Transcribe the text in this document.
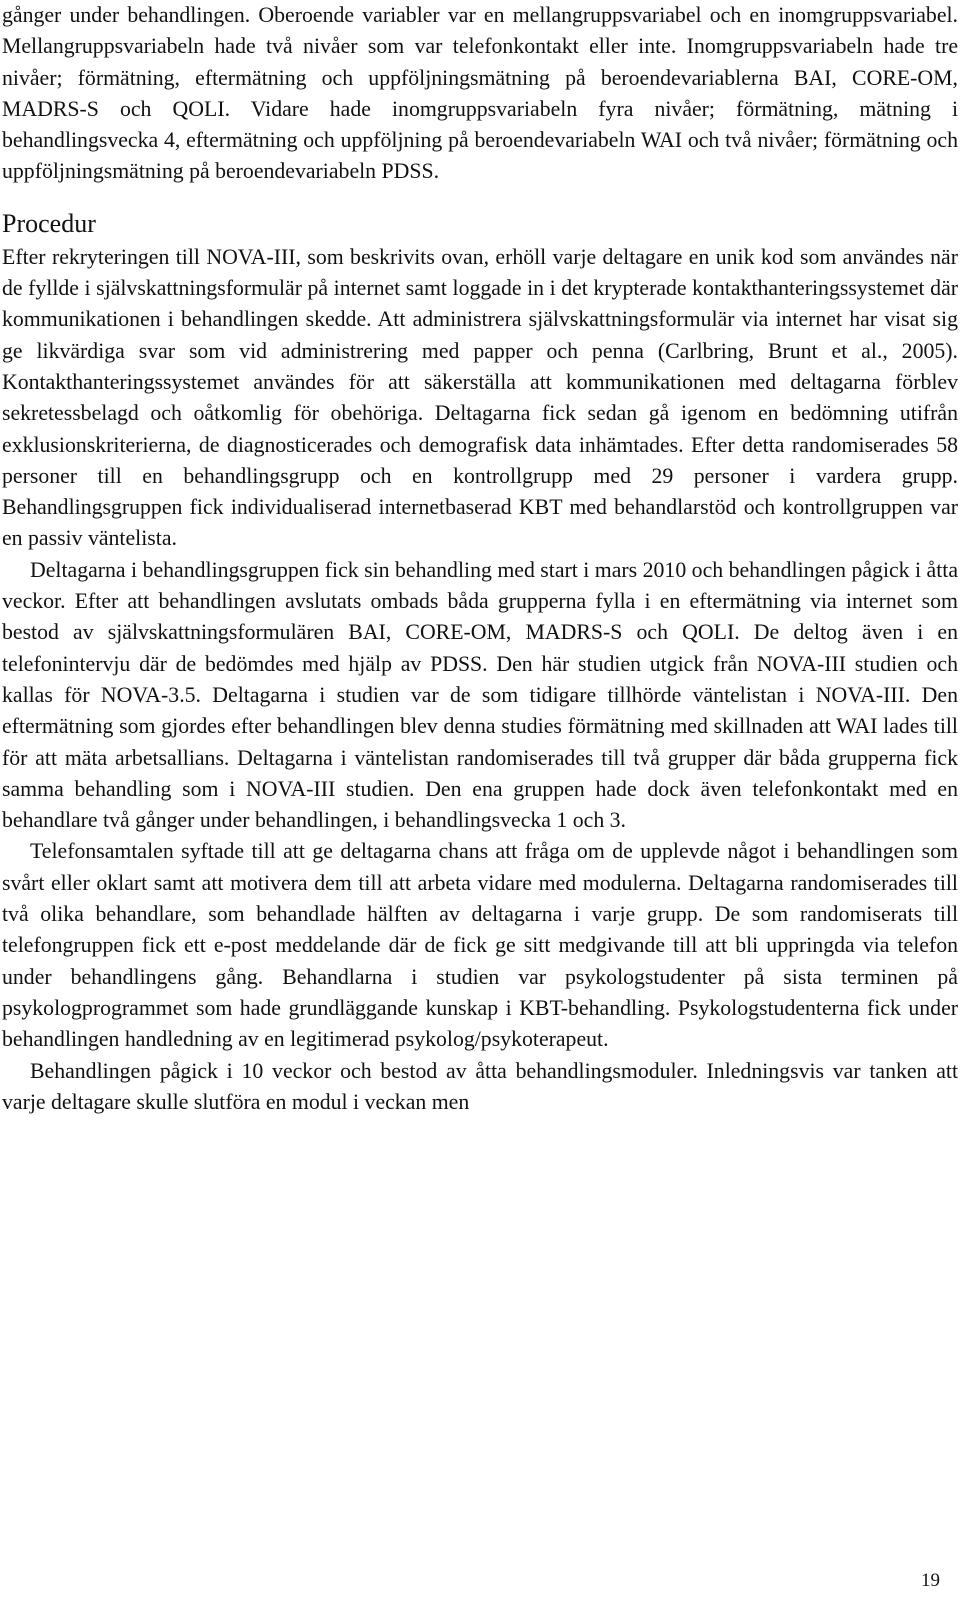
gånger under behandlingen. Oberoende variabler var en mellangruppsvariabel och en inomgruppsvariabel. Mellangruppsvariabeln hade två nivåer som var telefonkontakt eller inte. Inomgruppsvariabeln hade tre nivåer; förmätning, eftermätning och uppföljningsmätning på beroendevariablerna BAI, CORE-OM, MADRS-S och QOLI. Vidare hade inomgruppsvariabeln fyra nivåer; förmätning, mätning i behandlingsvecka 4, eftermätning och uppföljning på beroendevariabeln WAI och två nivåer; förmätning och uppföljningsmätning på beroendevariabeln PDSS.

Procedur

Efter rekryteringen till NOVA-III, som beskrivits ovan, erhöll varje deltagare en unik kod som användes när de fyllde i självskattningsformulär på internet samt loggade in i det krypterade kontakthanteringssystemet där kommunikationen i behandlingen skedde. Att administrera självskattningsformulär via internet har visat sig ge likvärdiga svar som vid administrering med papper och penna (Carlbring, Brunt et al., 2005). Kontakthanteringssystemet användes för att säkerställa att kommunikationen med deltagarna förblev sekretessbelagd och oåtkomlig för obehöriga. Deltagarna fick sedan gå igenom en bedömning utifrån exklusionskriterierna, de diagnosticerades och demografisk data inhämtades. Efter detta randomiserades 58 personer till en behandlingsgrupp och en kontrollgrupp med 29 personer i vardera grupp. Behandlingsgruppen fick individualiserad internetbaserad KBT med behandlarstöd och kontrollgruppen var en passiv väntelista.

Deltagarna i behandlingsgruppen fick sin behandling med start i mars 2010 och behandlingen pågick i åtta veckor. Efter att behandlingen avslutats ombads båda grupperna fylla i en eftermätning via internet som bestod av självskattningsformulären BAI, CORE-OM, MADRS-S och QOLI. De deltog även i en telefonintervju där de bedömdes med hjälp av PDSS. Den här studien utgick från NOVA-III studien och kallas för NOVA-3.5. Deltagarna i studien var de som tidigare tillhörde väntelistan i NOVA-III. Den eftermätning som gjordes efter behandlingen blev denna studies förmätning med skillnaden att WAI lades till för att mäta arbetsallians. Deltagarna i väntelistan randomiserades till två grupper där båda grupperna fick samma behandling som i NOVA-III studien. Den ena gruppen hade dock även telefonkontakt med en behandlare två gånger under behandlingen, i behandlingsvecka 1 och 3.

Telefonsamtalen syftade till att ge deltagarna chans att fråga om de upplevde något i behandlingen som svårt eller oklart samt att motivera dem till att arbeta vidare med modulerna. Deltagarna randomiserades till två olika behandlare, som behandlade hälften av deltagarna i varje grupp. De som randomiserats till telefongruppen fick ett e-post meddelande där de fick ge sitt medgivande till att bli uppringda via telefon under behandlingens gång. Behandlarna i studien var psykologstudenter på sista terminen på psykologprogrammet som hade grundläggande kunskap i KBT-behandling. Psykologstudenterna fick under behandlingen handledning av en legitimerad psykolog/psykoterapeut.

Behandlingen pågick i 10 veckor och bestod av åtta behandlingsmoduler. Inledningsvis var tanken att varje deltagare skulle slutföra en modul i veckan men

19
